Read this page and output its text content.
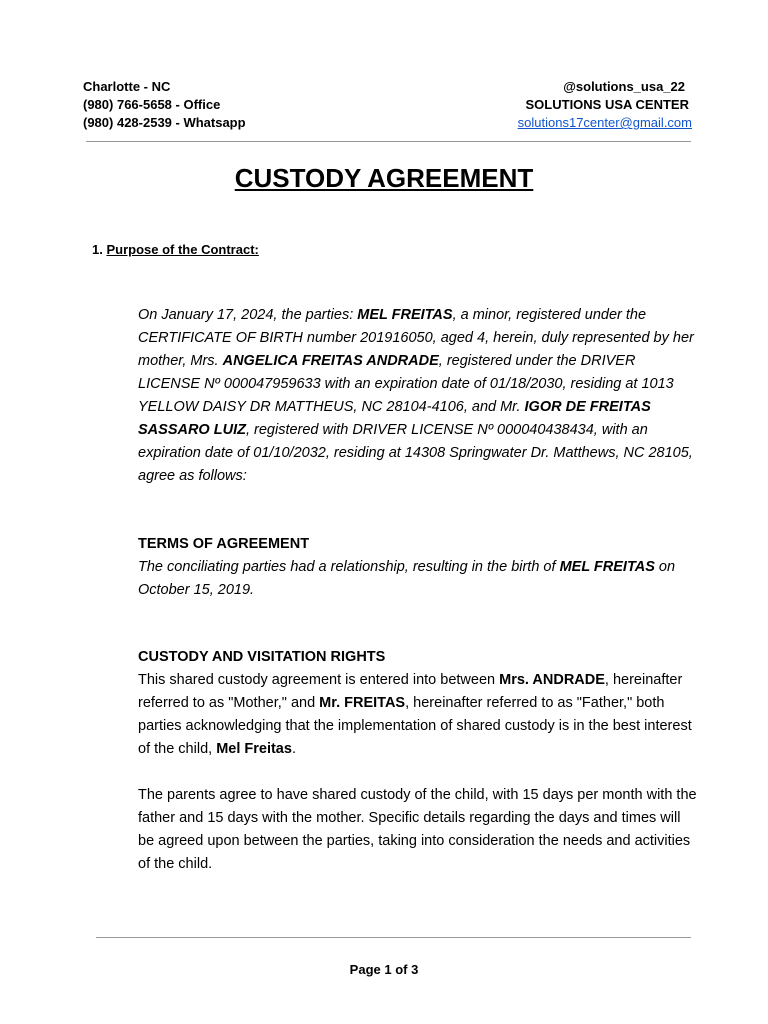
Charlotte - NC
(980) 766-5658 - Office
(980) 428-2539 - Whatsapp
@solutions_usa_22
SOLUTIONS USA CENTER
solutions17center@gmail.com
CUSTODY AGREEMENT
1. Purpose of the Contract:
On January 17, 2024, the parties: MEL FREITAS, a minor, registered under the CERTIFICATE OF BIRTH number 201916050, aged 4, herein, duly represented by her mother, Mrs. ANGELICA FREITAS ANDRADE, registered under the DRIVER LICENSE Nº 000047959633 with an expiration date of 01/18/2030, residing at 1013 YELLOW DAISY DR MATTHEUS, NC 28104-4106, and Mr. IGOR DE FREITAS SASSARO LUIZ, registered with DRIVER LICENSE Nº 000040438434, with an expiration date of 01/10/2032, residing at 14308 Springwater Dr. Matthews, NC 28105, agree as follows:
TERMS OF AGREEMENT
The conciliating parties had a relationship, resulting in the birth of MEL FREITAS on October 15, 2019.
CUSTODY AND VISITATION RIGHTS
This shared custody agreement is entered into between Mrs. ANDRADE, hereinafter referred to as "Mother," and Mr. FREITAS, hereinafter referred to as "Father," both parties acknowledging that the implementation of shared custody is in the best interest of the child, Mel Freitas.
The parents agree to have shared custody of the child, with 15 days per month with the father and 15 days with the mother. Specific details regarding the days and times will be agreed upon between the parties, taking into consideration the needs and activities of the child.
Page 1 of 3
